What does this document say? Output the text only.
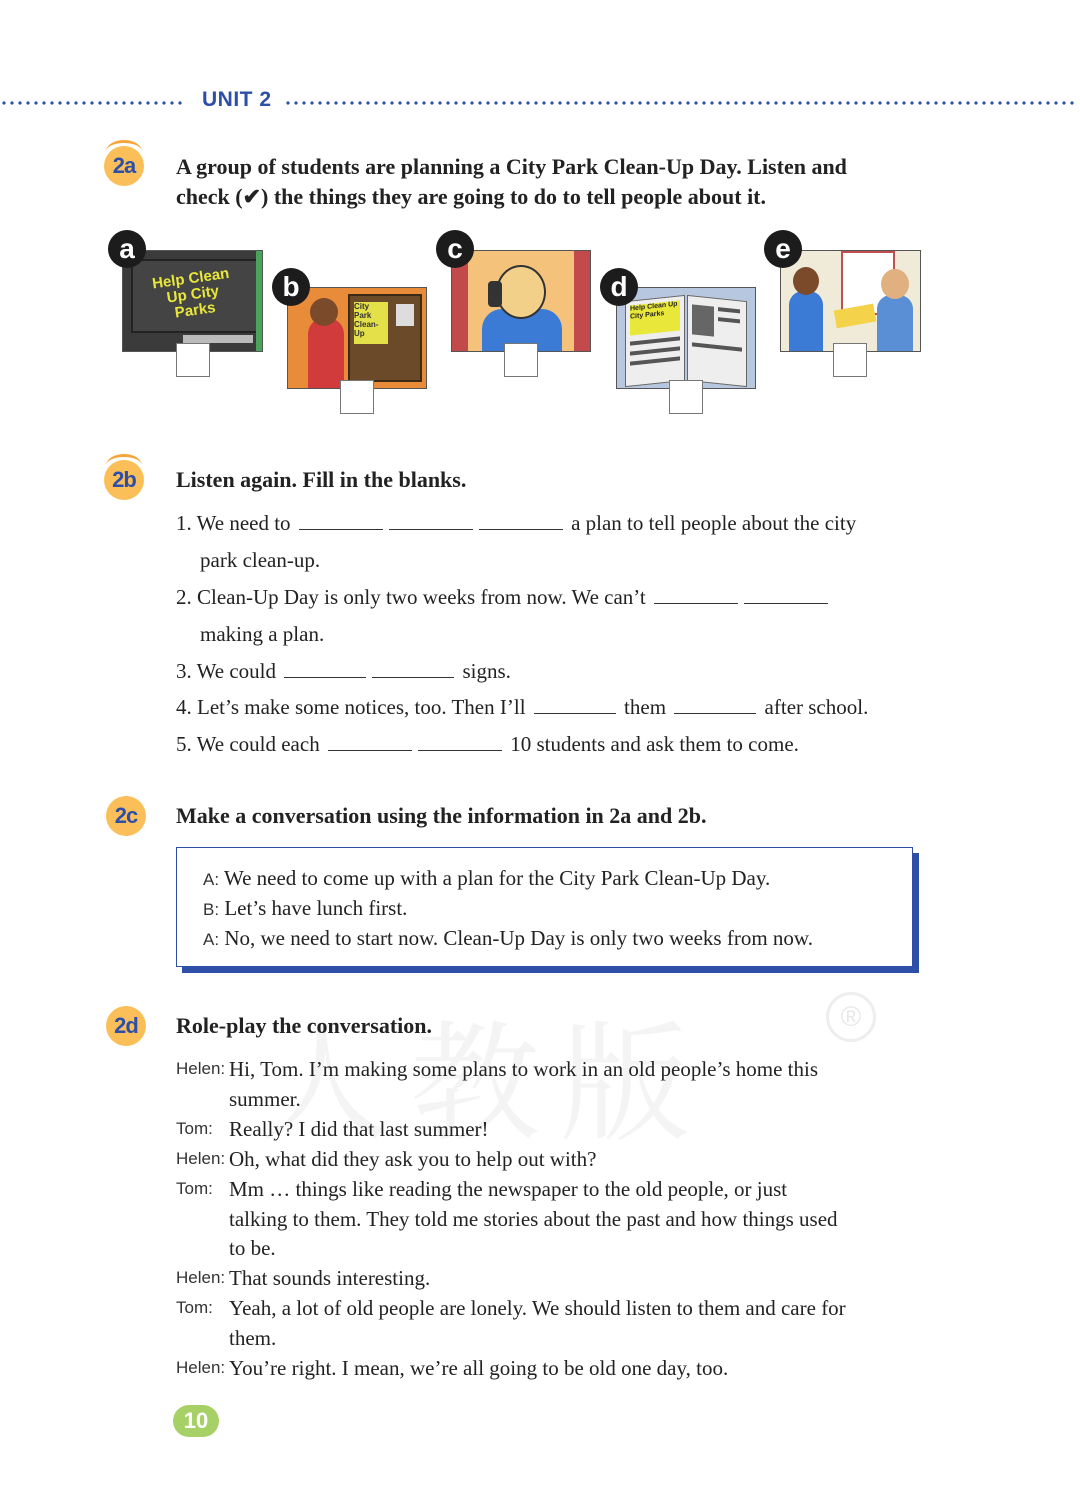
UNIT 2
2a A group of students are planning a City Park Clean-Up Day. Listen and
check (✔) the things they are going to do to tell people about it.
Help Clean Up City Parks
a
City Park Clean-Up
b
c
Help Clean Up City Parks
d
e
2b Listen again. Fill in the blanks.
1. We need to	a plan to tell people about the city
park clean-up.
2. Clean-Up Day is only two weeks from now. We can’t
making a plan.
3. We could	signs.
4. Let’s make some notices, too. Then I’ll	them	after school.
5. We could each	10 students and ask them to come.
2c Make a conversation using the information in 2a and 2b.
A: We need to come up with a plan for the City Park Clean-Up Day.
B: Let’s have lunch first.
A: No, we need to start now. Clean-Up Day is only two weeks from now.
®
2d Role-play the conversation.
Helen: Hi, Tom. I’m making some plans to work in an old people’s home this
summer.
Tom: Really? I did that last summer!
Helen: Oh, what did they ask you to help out with?
Tom: Mm … things like reading the newspaper to the old people, or just
talking to them. They told me stories about the past and how things used
to be.
Helen: That sounds interesting.
Tom: Yeah, a lot of old people are lonely. We should listen to them and care for
them.
Helen: You’re right. I mean, we’re all going to be old one day, too.
10
